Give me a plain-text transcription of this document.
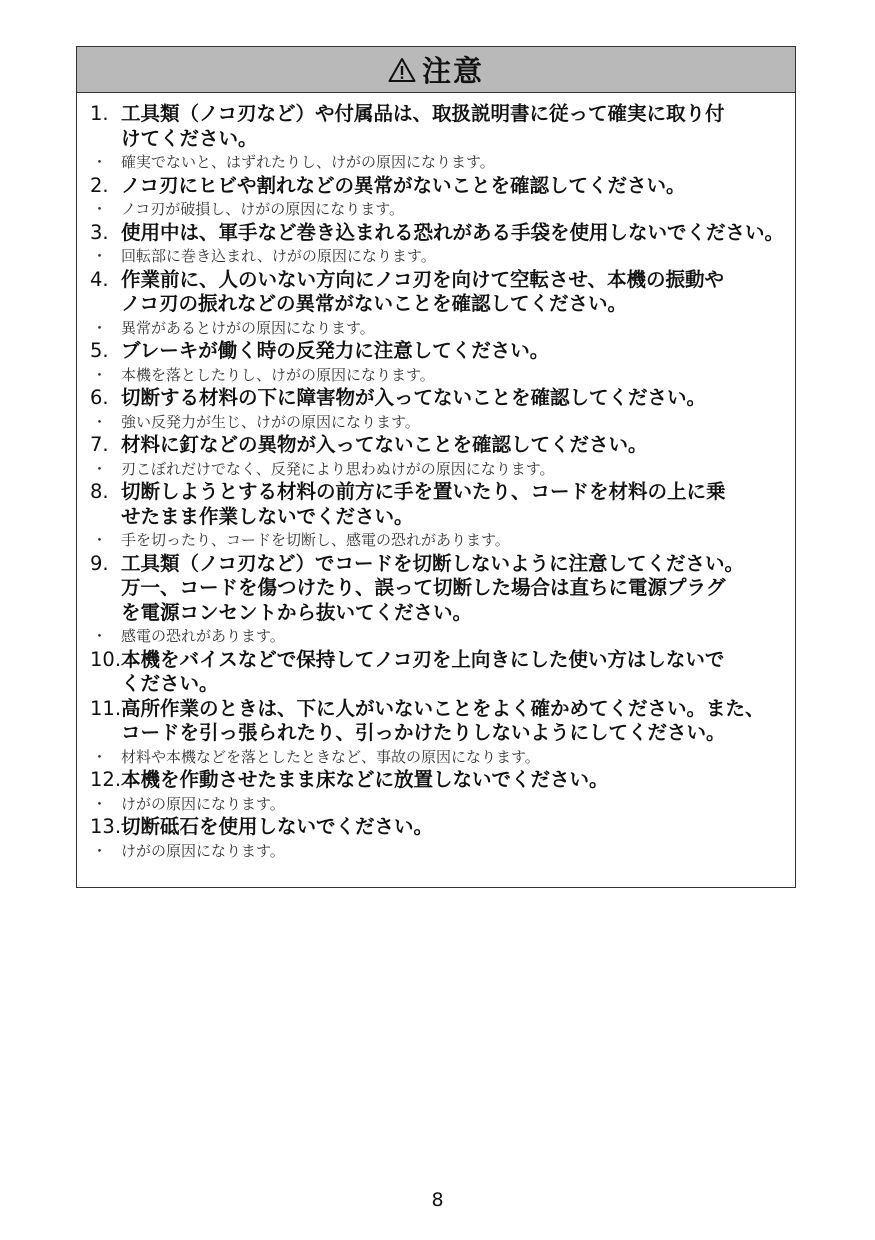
注意
1. 工具類（ノコ刃など）や付属品は、取扱説明書に従って確実に取り付
けてください。
・ 確実でないと、はずれたりし、けがの原因になります。
2. ノコ刃にヒビや割れなどの異常がないことを確認してください。
・ ノコ刃が破損し、けがの原因になります。
3. 使用中は、軍手など巻き込まれる恐れがある手袋を使用しないでください。
・ 回転部に巻き込まれ、けがの原因になります。
4. 作業前に、人のいない方向にノコ刃を向けて空転させ、本機の振動や
ノコ刃の振れなどの異常がないことを確認してください。
・ 異常があるとけがの原因になります。
5. ブレーキが働く時の反発力に注意してください。
・ 本機を落としたりし、けがの原因になります。
6. 切断する材料の下に障害物が入ってないことを確認してください。
・ 強い反発力が生じ、けがの原因になります。
7. 材料に釘などの異物が入ってないことを確認してください。
・ 刃こぼれだけでなく、反発により思わぬけがの原因になります。
8. 切断しようとする材料の前方に手を置いたり、コードを材料の上に乗
せたまま作業しないでください。
・ 手を切ったり、コードを切断し、感電の恐れがあります。
9. 工具類（ノコ刃など）でコードを切断しないように注意してください。
万一、コードを傷つけたり、誤って切断した場合は直ちに電源プラグ
を電源コンセントから抜いてください。
・ 感電の恐れがあります。
10. 本機をバイスなどで保持してノコ刃を上向きにした使い方はしないで
ください。
11. 高所作業のときは、下に人がいないことをよく確かめてください。また、
コードを引っ張られたり、引っかけたりしないようにしてください。
・ 材料や本機などを落としたときなど、事故の原因になります。
12. 本機を作動させたまま床などに放置しないでください。
・ けがの原因になります。
13. 切断砥石を使用しないでください。
・ けがの原因になります。
8
